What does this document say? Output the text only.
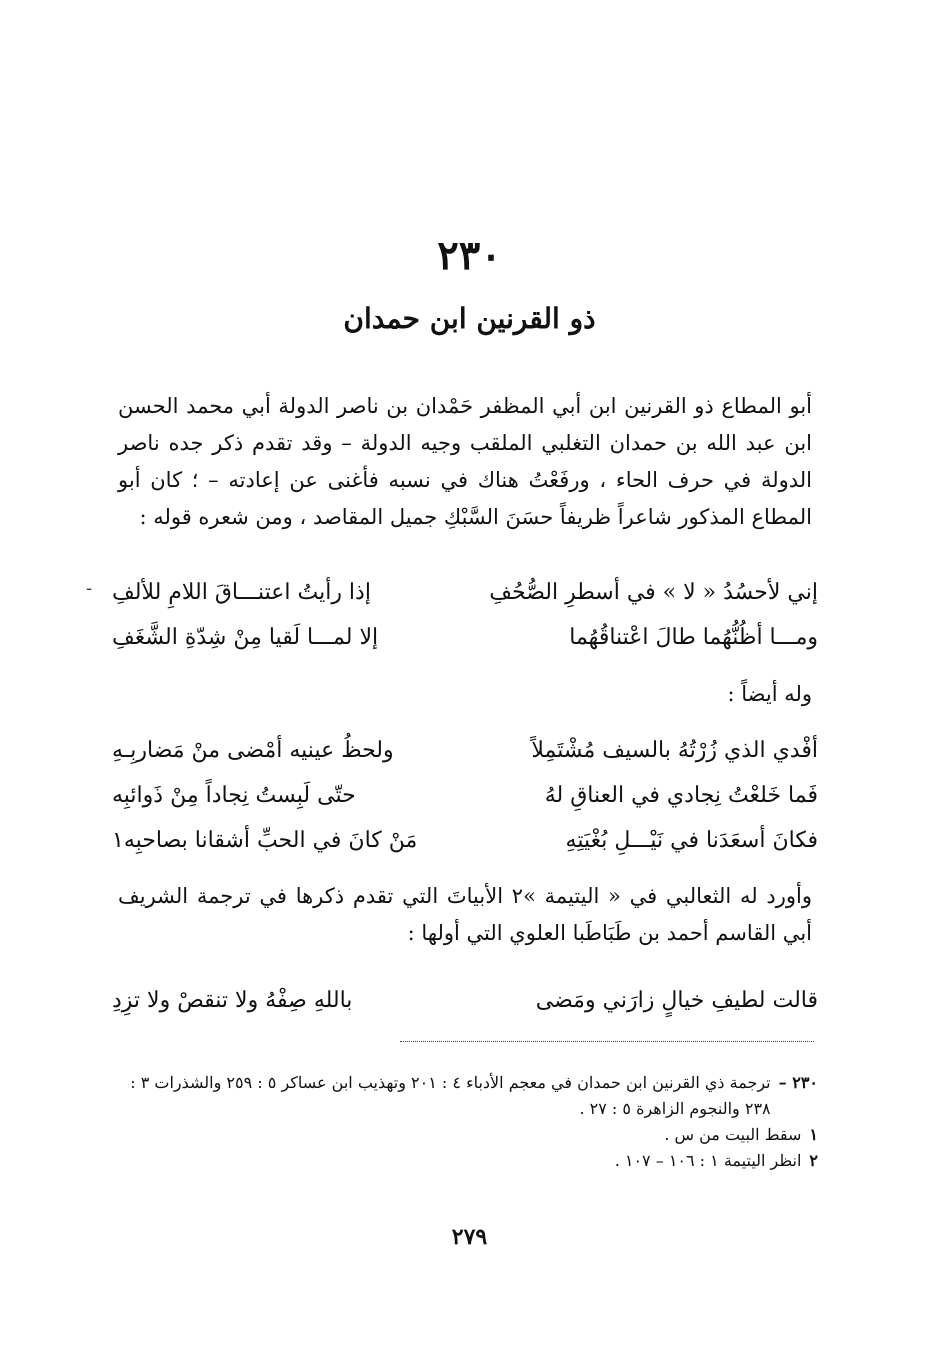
٢٣٠
ذو القرنين ابن حمدان

أبو المطاع ذو القرنين ابن أبي المظفر حَمْدان بن ناصر الدولة أبي محمد الحسن ابن عبد الله بن حمدان التغلبي الملقب وجيه الدولة – وقد تقدم ذكر جده ناصر الدولة في حرف الحاء ، ورفَعْتُ هناك في نسبه فأغنى عن إعادته – ؛ كان أبو المطاع المذكور شاعراً ظريفاً حسَنَ السَّبْكِ جميل المقاصد ، ومن شعره قوله :

-	إني لأحسُدُ « لا » في أسطرِ الصُّحُفِ
إذا رأيتُ اعتنـــاقَ اللامِ للألفِ
ومـــا أظُنُّهُما طالَ اعْتناقُهُما
إلا لمـــا لَقيا مِنْ شِدّةِ الشَّغَفِ

وله أيضاً :

أفْدي الذي زُرْتُهُ بالسيف مُشْتَمِلاً
ولحظُ عينيه أمْضى منْ مَضاربِـهِ
فَما خَلعْتُ نِجادي في العناقِ لهُ
حتّى لَبِستُ نِجاداً مِنْ ذَوائبِه
فكانَ أسعَدَنا في نَيْـــلِ بُغْيَتِهِ
مَنْ كانَ في الحبِّ أشقانا بصاحبِه١

وأورد له الثعالبي في « اليتيمة »٢ الأبياتَ التي تقدم ذكرها في ترجمة الشريف أبي القاسم أحمد بن طَبَاطَبا العلوي التي أولها :

قالت لطيفِ خيالٍ زارَني ومَضى
باللهِ صِفْهُ ولا تنقصْ ولا تزِدِ
٢٣٠ –
ترجمة ذي القرنين ابن حمدان في معجم الأدباء ٤ : ٢٠١ وتهذيب ابن عساكر ٥ : ٢٥٩ والشذرات ٣ : ٢٣٨ والنجوم الزاهرة ٥ : ٢٧ .
١
سقط البيت من س .
٢
انظر اليتيمة ١ : ١٠٦ – ١٠٧ .
٢٧٩
